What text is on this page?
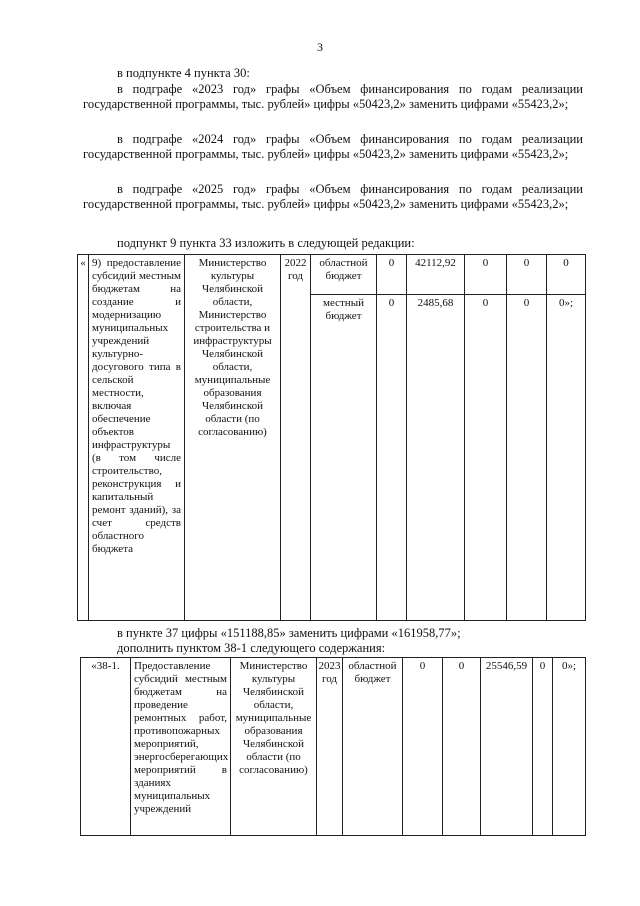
3
в подпункте 4 пункта 30:
в подграфе «2023 год» графы «Объем финансирования по годам реализации государственной программы, тыс. рублей» цифры «50423,2» заменить цифрами «55423,2»;
в подграфе «2024 год» графы «Объем финансирования по годам реализации государственной программы, тыс. рублей» цифры «50423,2» заменить цифрами «55423,2»;
в подграфе «2025 год» графы «Объем финансирования по годам реализации государственной программы, тыс. рублей» цифры «50423,2» заменить цифрами «55423,2»;
подпункт 9 пункта 33 изложить в следующей редакции:
«	9) предоставление субсидий местным бюджетам на создание и модернизацию муниципальных учреждений культурно-досугового типа в сельской местности, включая обеспечение объектов инфраструктуры (в том числе строительство, реконструкция и капитальный ремонт зданий), за счет средств областного бюджета	Министерство культуры Челябинской области, Министерство строительства и инфраструктуры Челябинской области, муниципальные образования Челябинской области (по согласованию)	2022 год	областной бюджет	0	42112,92	0	0	0
				местный бюджет	0	2485,68	0	0	0»;
в пункте 37 цифры «151188,85» заменить цифрами «161958,77»;
дополнить пунктом 38-1 следующего содержания:
«38-1.	Предоставление субсидий местным бюджетам на проведение ремонтных работ, противопожарных мероприятий, энергосберегающих мероприятий в зданиях муниципальных учреждений	Министерство культуры Челябинской области, муниципальные образования Челябинской области (по согласованию)	2023 год	областной бюджет	0	0	25546,59	0	0»;
